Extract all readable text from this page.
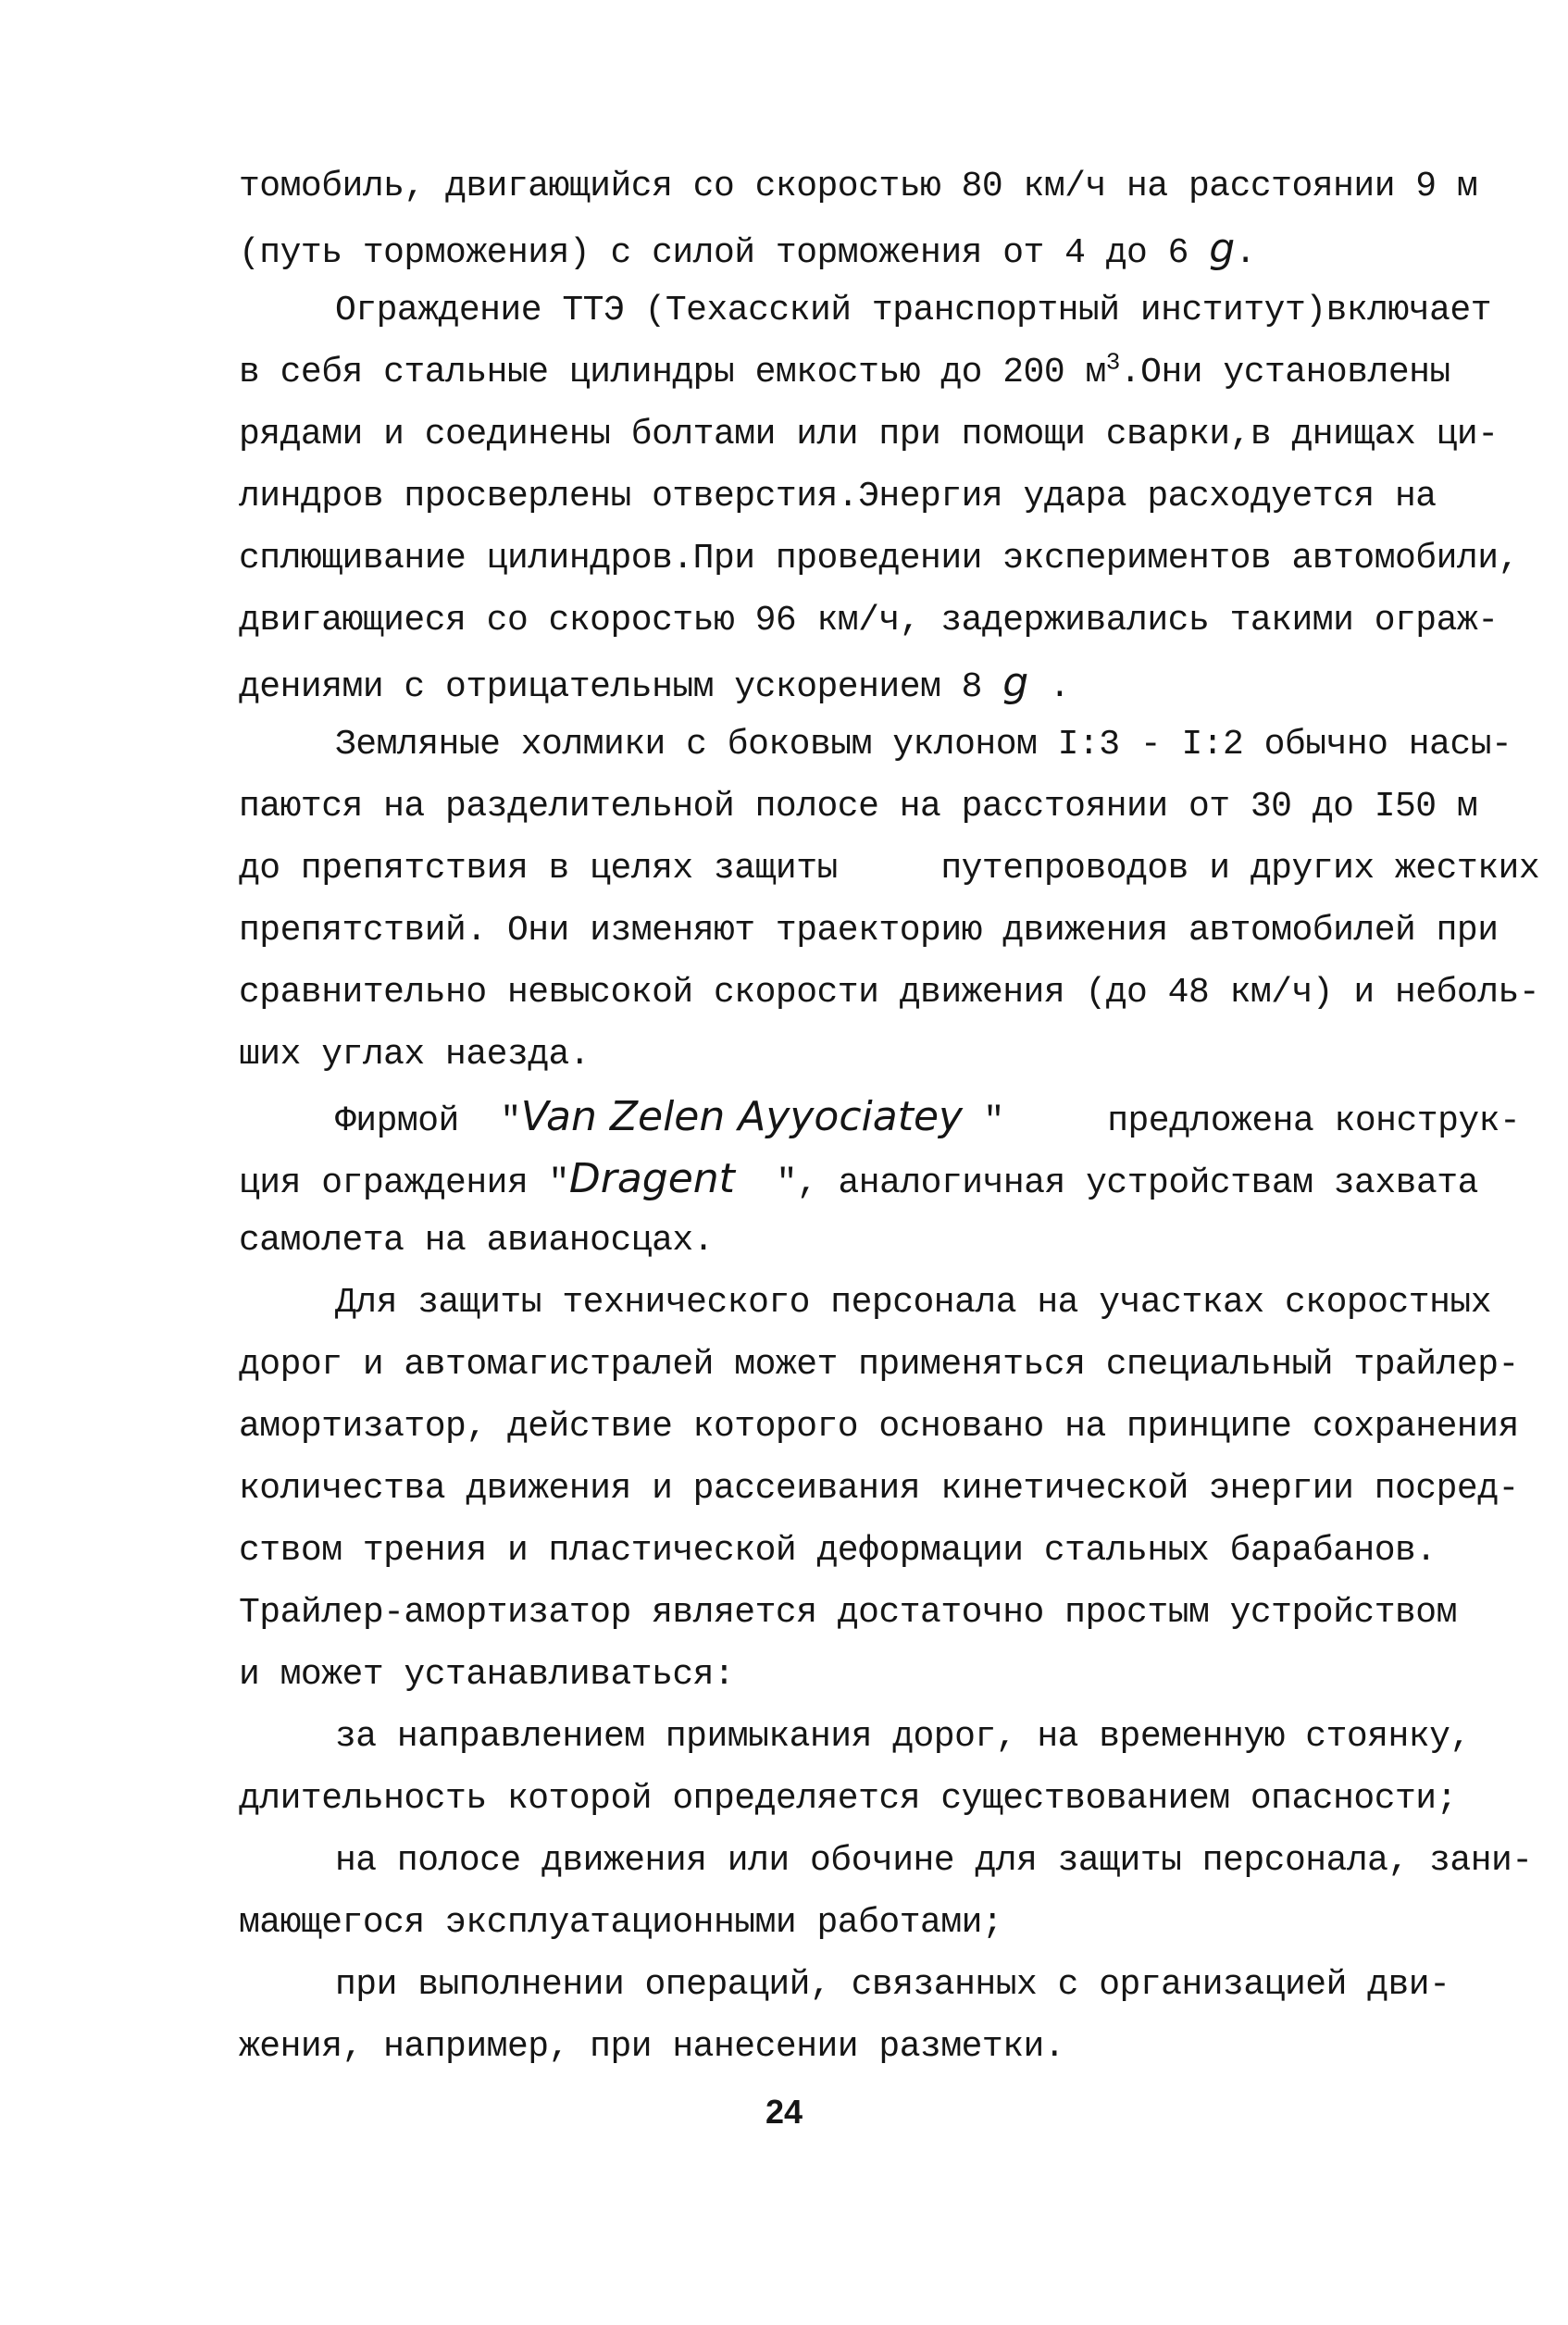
томобиль, двигающийся со скоростью 80 км/ч на расстоянии 9 м
(путь торможения) с силой торможения от 4 до 6 g.
Ограждение ТТЭ (Техасский транспортный институт)включает
в себя стальные цилиндры емкостью до 200 $м^3.Они$ установлены
рядами и соединены болтами или при помощи сварки,в днищах ци-
линдров просверлены отверстия.Энергия удара расходуется на
сплющивание цилиндров.При проведении экспериментов автомобили,
двигающиеся со скоростью 96 км/ч, задерживались такими ограж-
дениями с отрицательным ускорением 8 g .
Земляные холмики с боковым уклоном I:3 - I:2 обычно насы-
паются на разделительной полосе на расстоянии от 30 до I50 м
до препятствия в целях защиты     путепроводов и других жестких
препятствий. Они изменяют траекторию движения автомобилей при
сравнительно невысокой скорости движения (до 48 км/ч) и неболь-
ших углах наезда.
Фирмой  "Van Zelen Ayyociatey "     предложена конструк-
ция ограждения "Dragent  ", аналогичная устройствам захвата
самолета на авианосцах.
Для защиты технического персонала на участках скоростных
дорог и автомагистралей может применяться специальный трайлер-
амортизатор, действие которого основано на принципе сохранения
количества движения и рассеивания кинетической энергии посред-
ством трения и пластической деформации стальных барабанов.
Трайлер-амортизатор является достаточно простым устройством
и может устанавливаться:
за направлением примыкания дорог, на временную стоянку,
длительность которой определяется существованием опасности;
на полосе движения или обочине для защиты персонала, зани-
мающегося эксплуатационными работами;
при выполнении операций, связанных с организацией дви-
жения, например, при нанесении разметки.
24
